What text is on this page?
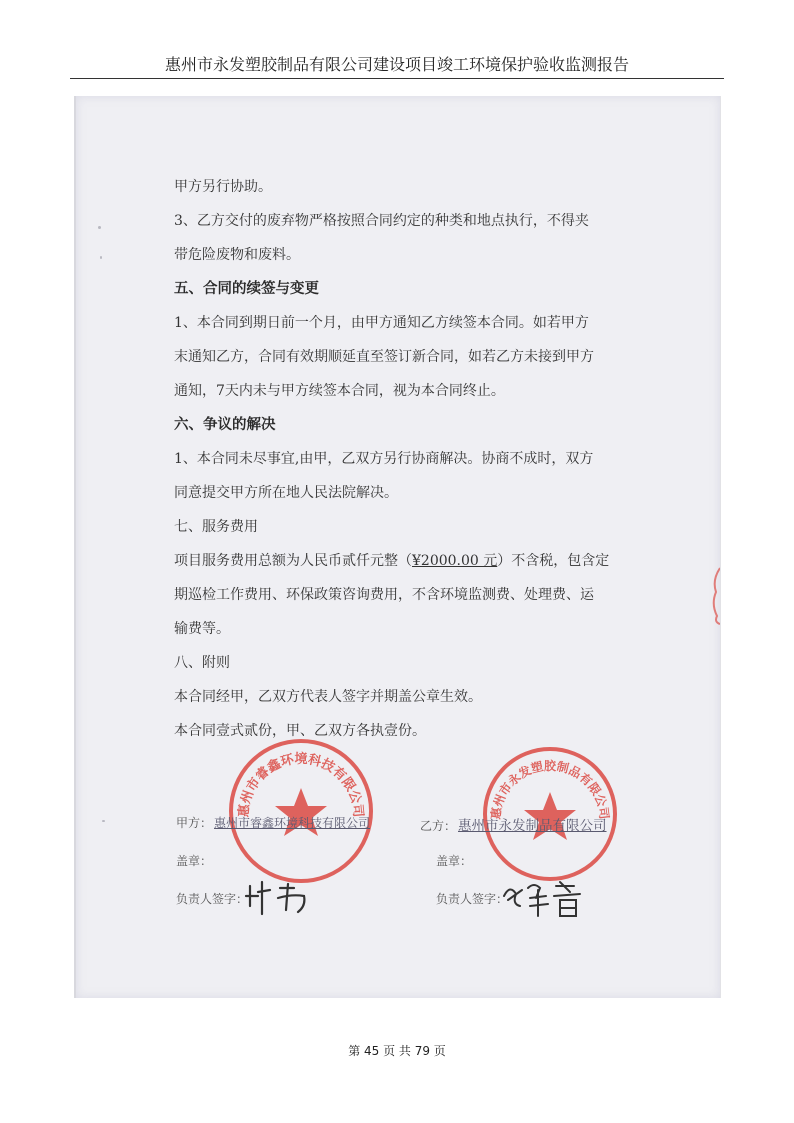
惠州市永发塑胶制品有限公司建设项目竣工环境保护验收监测报告
甲方另行协助。
3、乙方交付的废弃物严格按照合同约定的种类和地点执行，不得夹
带危险废物和废料。
五、合同的续签与变更
1、本合同到期日前一个月，由甲方通知乙方续签本合同。如若甲方
末通知乙方，合同有效期顺延直至签订新合同，如若乙方未接到甲方
通知，7天内未与甲方续签本合同，视为本合同终止。
六、争议的解决
1、本合同未尽事宜,由甲，乙双方另行协商解决。协商不成时，双方
同意提交甲方所在地人民法院解决。
七、服务费用
项目服务费用总额为人民币贰仟元整（¥2000.00 元）不含税，包含定
期巡检工作费用、环保政策咨询费用，不含环境监测费、处理费、运
输费等。
八、附则
本合同经甲，乙双方代表人签字并期盖公章生效。
本合同壹式贰份，甲、乙双方各执壹份。
惠州市睿鑫环境科技有限公司	惠州市永发塑胶制品有限公司
甲方： 惠州市睿鑫环境科技有限公司	乙方： 惠州市永发制品有限公司
盖章：	盖章：
负责人签字：	负责人签字：
第 45 页 共 79 页
